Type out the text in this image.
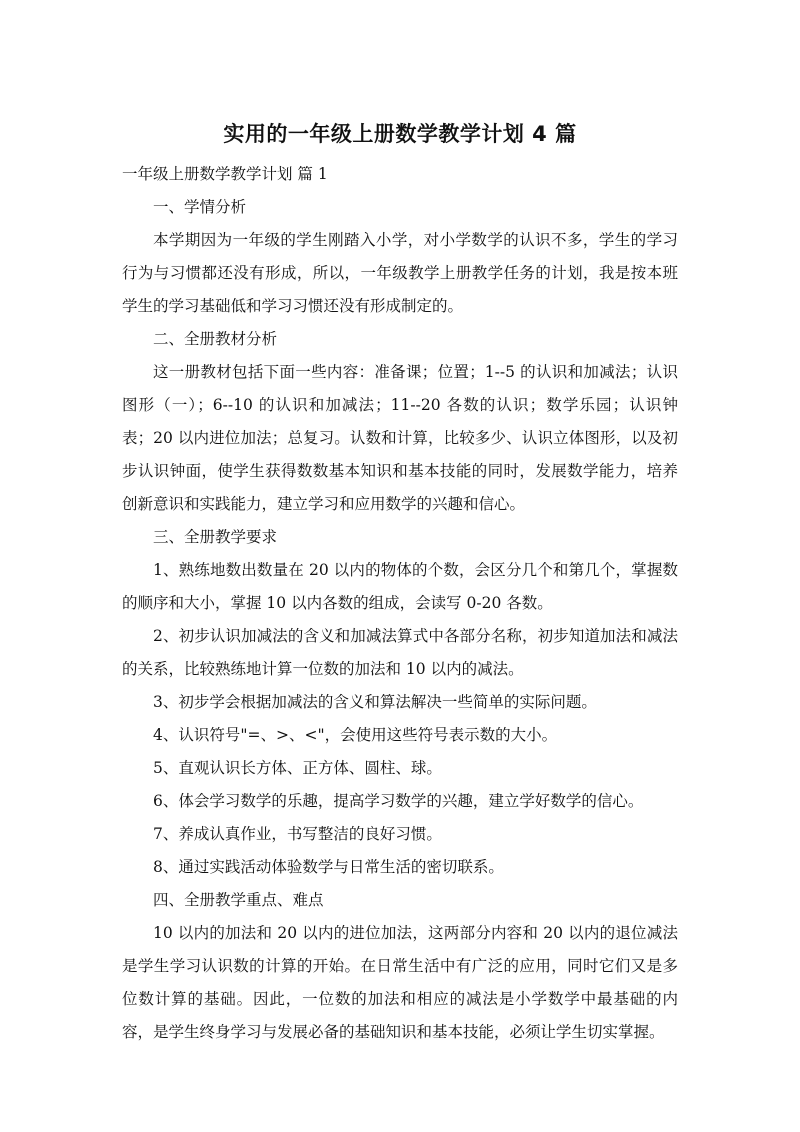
实用的一年级上册数学教学计划 4 篇
一年级上册数学教学计划 篇 1
一、学情分析
本学期因为一年级的学生刚踏入小学，对小学数学的认识不多，学生的学习行为与习惯都还没有形成，所以，一年级教学上册教学任务的计划，我是按本班学生的学习基础低和学习习惯还没有形成制定的。
二、全册教材分析
这一册教材包括下面一些内容：准备课；位置；1--5 的认识和加减法；认识图形（一）；6--10 的认识和加减法；11--20 各数的认识；数学乐园；认识钟表；20 以内进位加法；总复习。认数和计算，比较多少、认识立体图形，以及初步认识钟面，使学生获得数数基本知识和基本技能的同时，发展数学能力，培养创新意识和实践能力，建立学习和应用数学的兴趣和信心。
三、全册教学要求
1、熟练地数出数量在 20 以内的物体的个数，会区分几个和第几个，掌握数的顺序和大小，掌握 10 以内各数的组成，会读写 0-20 各数。
2、初步认识加减法的含义和加减法算式中各部分名称，初步知道加法和减法的关系，比较熟练地计算一位数的加法和 10 以内的减法。
3、初步学会根据加减法的含义和算法解决一些简单的实际问题。
4、认识符号"=、>、<"，会使用这些符号表示数的大小。
5、直观认识长方体、正方体、圆柱、球。
6、体会学习数学的乐趣，提高学习数学的兴趣，建立学好数学的信心。
7、养成认真作业，书写整洁的良好习惯。
8、通过实践活动体验数学与日常生活的密切联系。
四、全册教学重点、难点
10 以内的加法和 20 以内的进位加法，这两部分内容和 20 以内的退位减法是学生学习认识数的计算的开始。在日常生活中有广泛的应用，同时它们又是多位数计算的基础。因此，一位数的加法和相应的减法是小学数学中最基础的内容，是学生终身学习与发展必备的基础知识和基本技能，必须让学生切实掌握。
